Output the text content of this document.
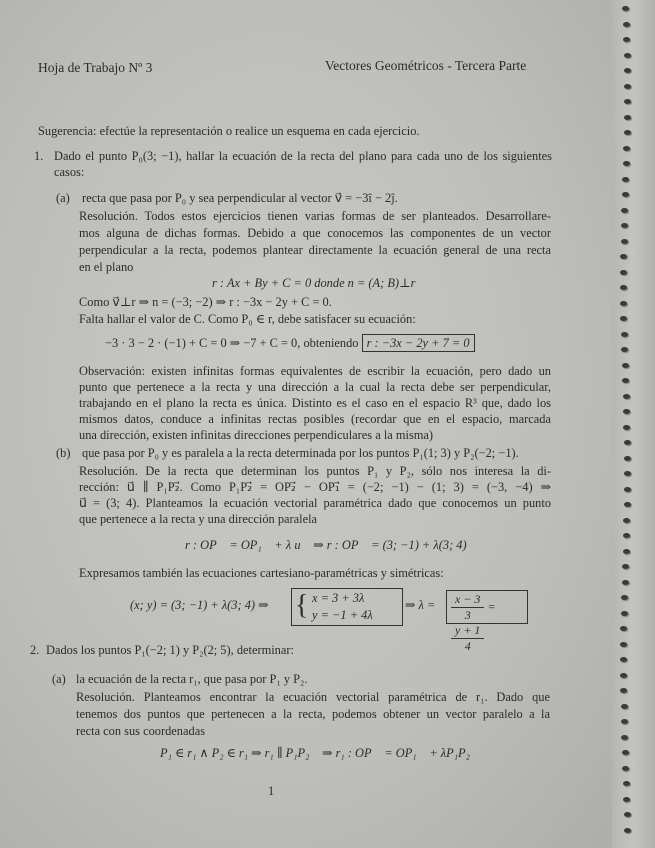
Hoja de Trabajo Nº 3	Vectores Geométricos - Tercera Parte
Sugerencia: efectúe la representación o realice un esquema en cada ejercicio.
1. Dado el punto P₀(3; −1), hallar la ecuación de la recta del plano para cada uno de los siguientes
casos:
(a) recta que pasa por P₀ y sea perpendicular al vector v⃗ = −3î − 2ĵ.
Resolución. Todos estos ejercicios tienen varias formas de ser planteados. Desarrollare-
mos alguna de dichas formas. Debido a que conocemos las componentes de un vector
perpendicular a la recta, podemos plantear directamente la ecuación general de una recta
en el plano
r : Ax + By + C = 0 donde n = (A; B)⊥r
Como v⃗⊥r ⇒ n = (−3; −2) ⇒ r : −3x − 2y + C = 0.
Falta hallar el valor de C. Como P₀ ∈ r, debe satisfacer su ecuación:
−3 · 3 − 2 · (−1) + C = 0 ⇒ −7 + C = 0, obteniendo r : −3x − 2y + 7 = 0
Observación: existen infinitas formas equivalentes de escribir la ecuación, pero dado un
punto que pertenece a la recta y una dirección a la cual la recta debe ser perpendicular,
trabajando en el plano la recta es única. Distinto es el caso en el espacio R³ que, dado los
mismos datos, conduce a infinitas rectas posibles (recordar que en el espacio, marcada
una dirección, existen infinitas direcciones perpendiculares a la misma)
(b) que pasa por P₀ y es paralela a la recta determinada por los puntos P₁(1; 3) y P₂(−2; −1).
Resolución. De la recta que determinan los puntos P₁ y P₂, sólo nos interesa la di-
rección: u⃗ ∥ P₁P₂⃗. Como P₁P₂⃗ = OP₂⃗ − OP₁⃗ = (−2; −1) − (1; 3) = (−3, −4) ⇒
u⃗ = (3; 4). Planteamos la ecuación vectorial paramétrica dado que conocemos un punto
que pertenece a la recta y una dirección paralela
r : OP⃗ = OP₁⃗ + λ u⃗ ⇒ r : OP⃗ = (3; −1) + λ(3; 4)
Expresamos también las ecuaciones cartesiano-paramétricas y simétricas:
(x; y) = (3; −1) + λ(3; 4) ⇒ { x = 3 + 3λ
y = −1 + 4λ
⇒ $\lambda = \frac{x - 3}{3}$ =
$\frac{y + 1}{4}$
2. Dados los puntos P₁(−2; 1) y P₂(2; 5), determinar:
(a) la ecuación de la recta r₁, que pasa por P₁ y P₂.
Resolución. Planteamos encontrar la ecuación vectorial paramétrica de r₁. Dado que
tenemos dos puntos que pertenecen a la recta, podemos obtener un vector paralelo a la
recta con sus coordenadas
P₁ ∈ r₁ ∧ P₂ ∈ r₁ ⇒ r₁ ∥ P₁P₂⃗ ⇒ r₁ : OP⃗ = OP₁⃗ + λP₁P₂⃗
1
